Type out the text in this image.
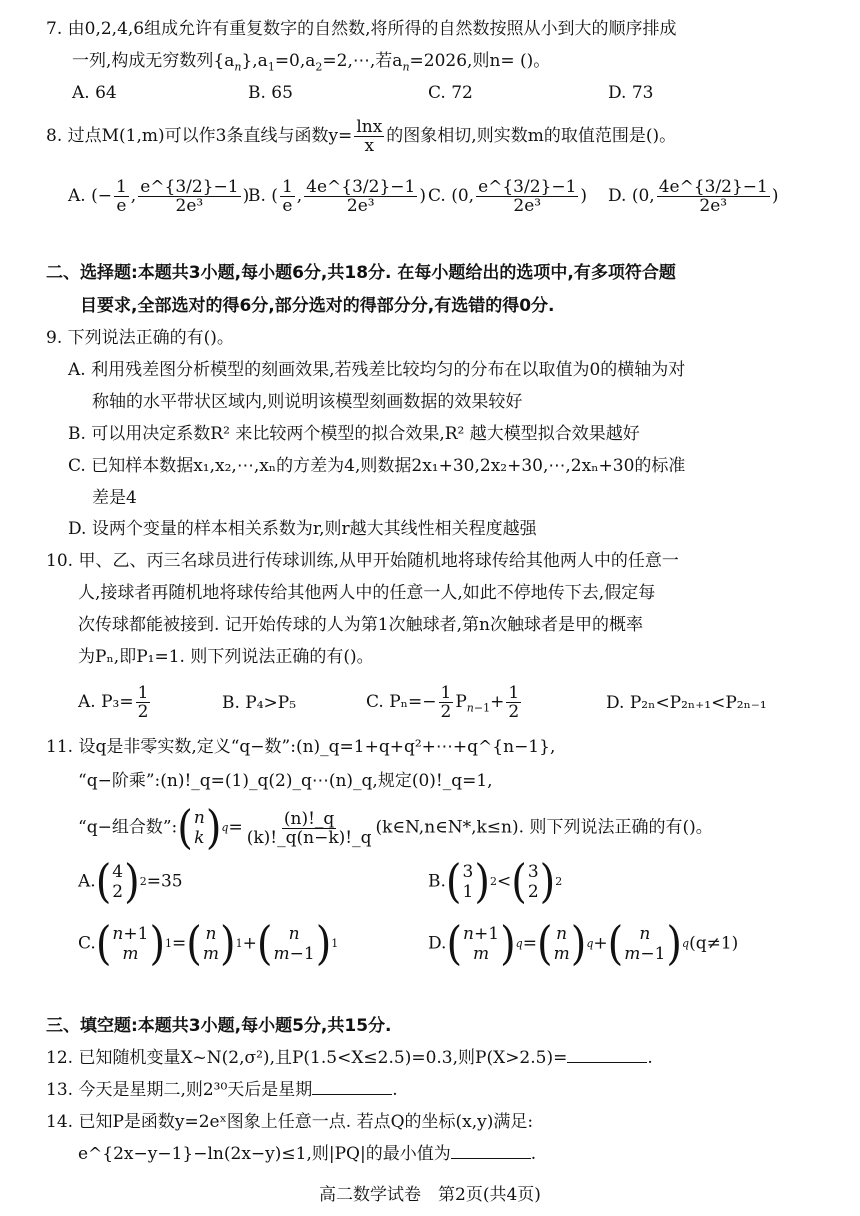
7. 由0,2,4,6组成允许有重复数字的自然数,将所得的自然数按照从小到大的顺序排成
一列,构成无穷数列$\{a_n\},a_1=0,a_2=2,\cdots$,若$a_n=2026$,则n= ()。
A. 64	B. 65	C. 72	D. 73
8. 过点M(1,m)可以作3条直线与函数$y= \frac{\ln x}{x}$ 的图象相切,则实数m的取值范围是()。
A. (− $\frac{1}{e}$ , $\frac{e\^{}\{3/2\}-1}{\text{2e³}}$ )
B. ( $\frac{1}{e}$ , $\frac{4e\^{}\{3/2\}-1}{\text{2e³}}$ ) C. (0, $\frac{e\^{}\{3/2\}-1}{\text{2e³}}$ ) D. (0, $\frac{4e\^{}\{3/2\}-1}{\text{2e³}}$ )
二、选择题:本题共3小题,每小题6分,共18分. 在每小题给出的选项中,有多项符合题
目要求,全部选对的得6分,部分选对的得部分分,有选错的得0分.
9. 下列说法正确的有()。
A. 利用残差图分析模型的刻画效果,若残差比较均匀的分布在以取值为0的横轴为对
称轴的水平带状区域内,则说明该模型刻画数据的效果较好
B. 可以用决定系数R² 来比较两个模型的拟合效果,R² 越大模型拟合效果越好
C. 已知样本数据x₁,x₂,⋯,xₙ的方差为4,则数据2x₁+30,2x₂+30,⋯,2xₙ+30的标准
差是4
D. 设两个变量的样本相关系数为r,则r越大其线性相关程度越强
10. 甲、乙、丙三名球员进行传球训练,从甲开始随机地将球传给其他两人中的任意一
人,接球者再随机地将球传给其他两人中的任意一人,如此不停地传下去,假定每
次传球都能被接到. 记开始传球的人为第1次触球者,第n次触球者是甲的概率
为Pₙ,即P₁=1. 则下列说法正确的有()。
A. $P_3= \frac{1}{2}$	B. P₄>P₅	C. $P_n=- \frac{1}{2} P_{n-1}+ \frac{1}{2}$	D. P₂ₙ<P₂ₙ₊₁<P₂ₙ₋₁
11. 设q是非零实数,定义“q−数”:(n)_q=1+q+q²+⋯+q^{n−1},
“q−阶乘”:(n)!_q=(1)_q(2)_q⋯(n)_q,规定(0)!_q=1,
“q−组合数”: ( n
k ) $q = \frac{(n)!\_q}{(k)!\_q(n-k)!\_q}$ (k∈N,n∈N*,k≤n). 则下列说法正确的有()。
A. ( 4
2 ) 2 =35	B. ( 3
1 ) 2 < ( 3
2 ) 2
C. ( n+1
m ) 1 = ( n
m ) 1 + ( n
m−1 ) 1	D. ( n+1
m ) q = ( n
m ) q + ( n
m−1 ) q (q≠1)
三、填空题:本题共3小题,每小题5分,共15分.
12. 已知随机变量X~N(2,σ²),且P(1.5<X≤2.5)=0.3,则P(X>2.5)=	.
13. 今天是星期二,则2³⁰天后是星期	.
14. 已知P是函数y=2eˣ图象上任意一点. 若点Q的坐标(x,y)满足:
e^{2x−y−1}−ln(2x−y)≤1,则|PQ|的最小值为	.
高二数学试卷　第2页(共4页)
